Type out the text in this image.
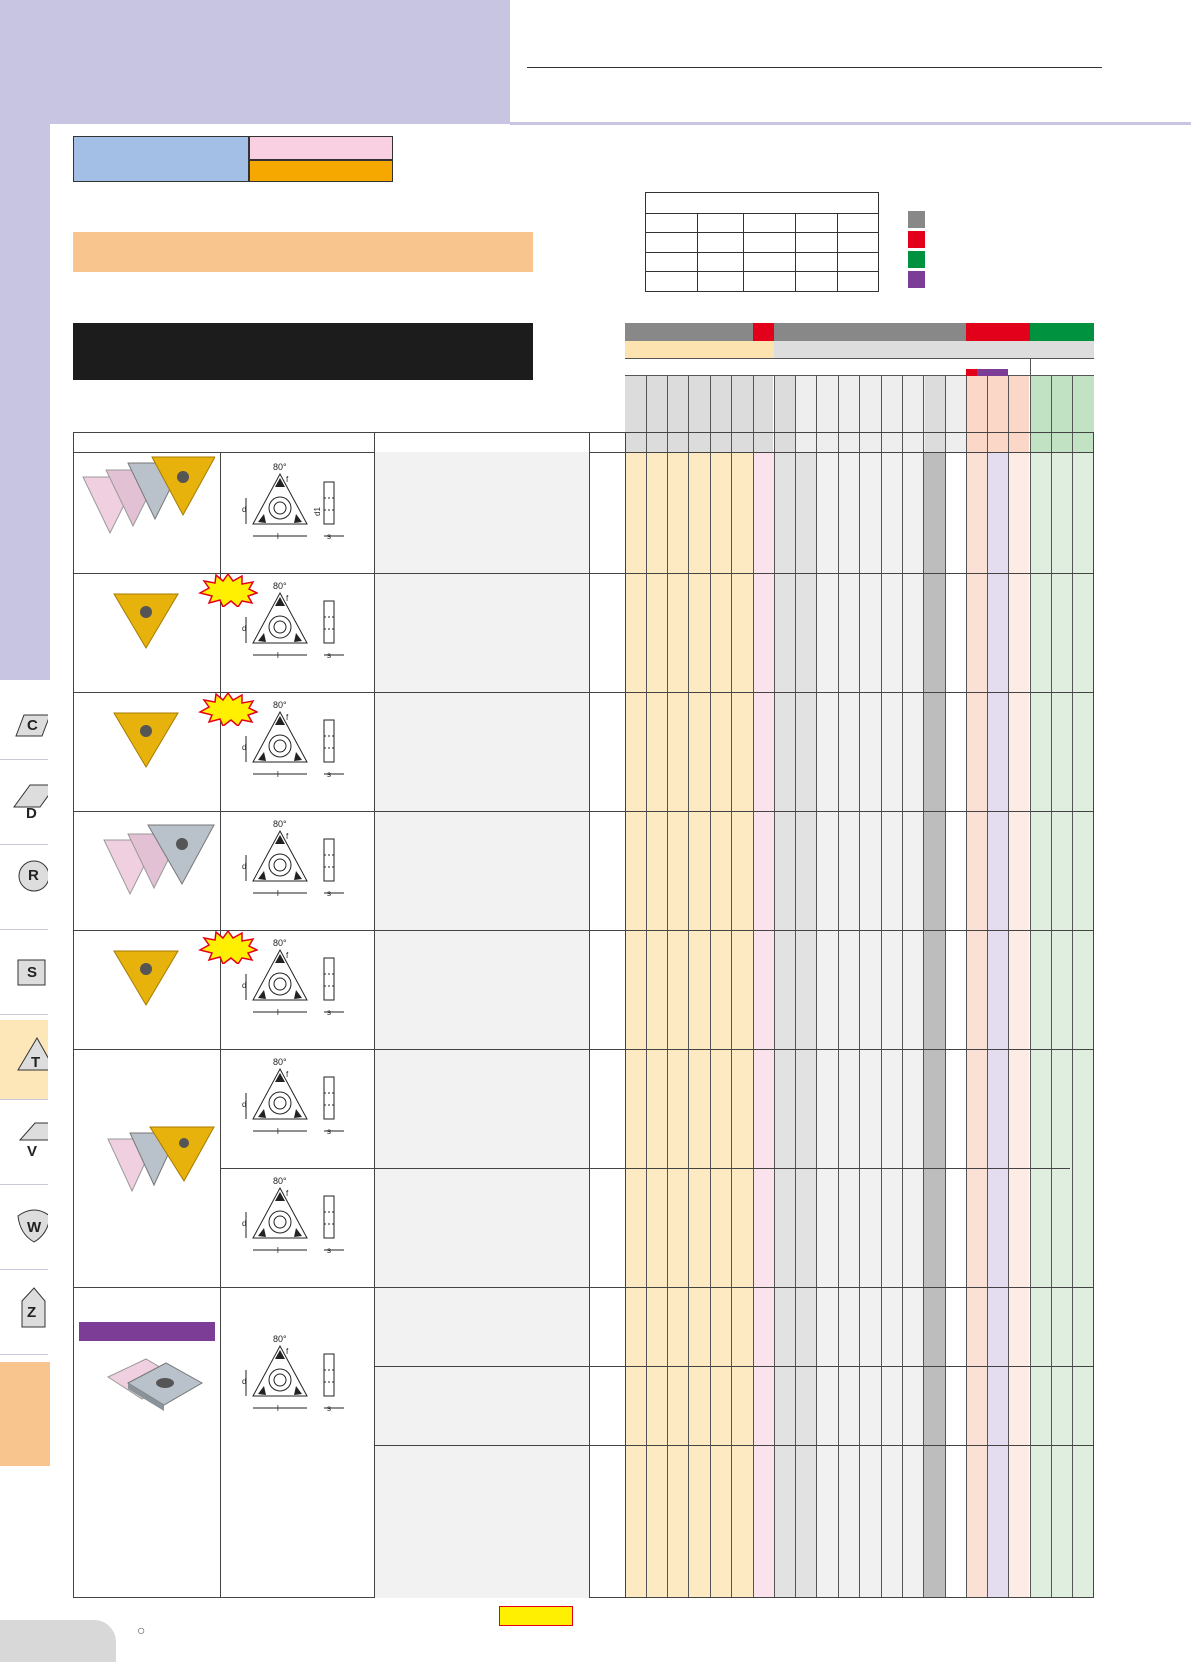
C
D
R
S
T
V
W
Z
80°
f
d
l
d1
s
80°
f
d
l	s
80°
f
d
l	s
80°
f
d
l	s
80°
f
d
l	s
80°
f
d
l	s
80°
f
d
l	s
80°
f
d
l	s
○
